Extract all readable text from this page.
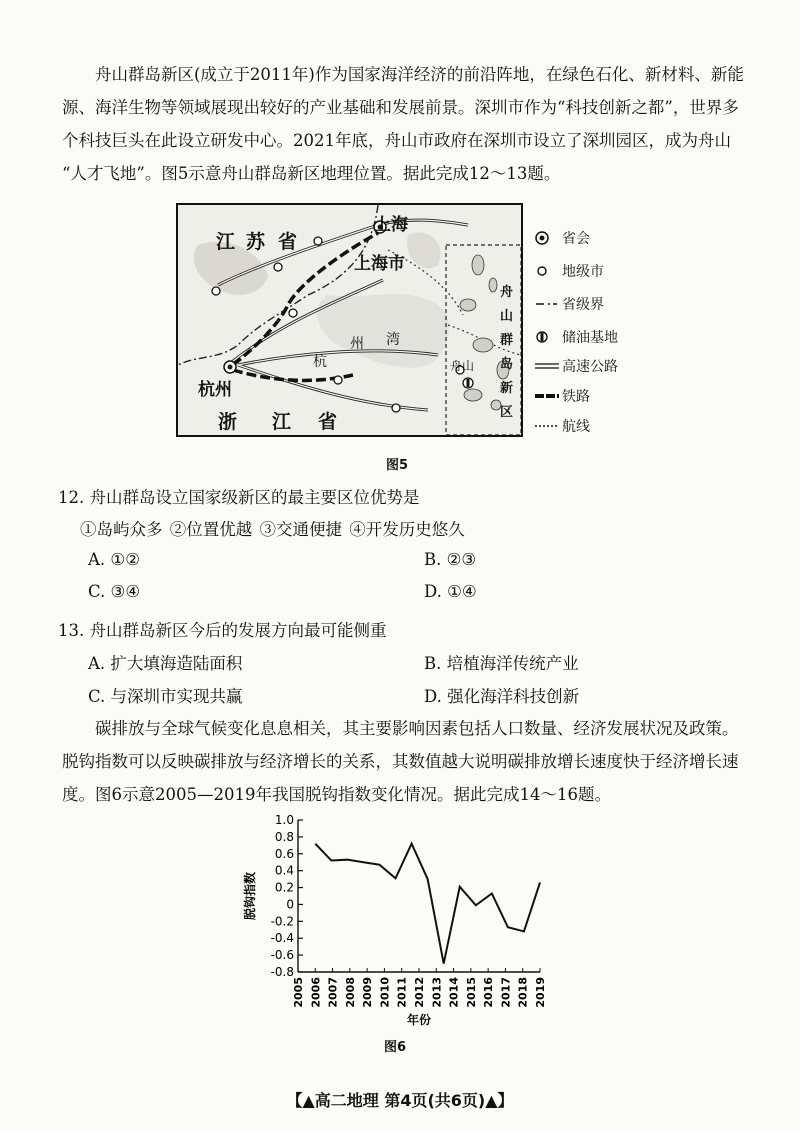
舟山群岛新区(成立于2011年)作为国家海洋经济的前沿阵地，在绿色石化、新材料、新能
源、海洋生物等领域展现出较好的产业基础和发展前景。深圳市作为“科技创新之都”，世界多
个科技巨头在此设立研发中心。2021年底，舟山市政府在深圳市设立了深圳园区，成为舟山
“人才飞地”。图5示意舟山群岛新区地理位置。据此完成12～13题。
江 苏 省
上海
上海市
杭州
浙 江 省
杭
州 湾
舟山
舟
山
群
岛
新
区
省会
地级市
省级界
储油基地
高速公路
铁路
航线
图5
12. 舟山群岛设立国家级新区的最主要区位优势是
①岛屿众多 ②位置优越 ③交通便捷 ④开发历史悠久
A. ①②	B. ②③
C. ③④	D. ①④
13. 舟山群岛新区今后的发展方向最可能侧重
A. 扩大填海造陆面积	B. 培植海洋传统产业
C. 与深圳市实现共赢	D. 强化海洋科技创新
碳排放与全球气候变化息息相关，其主要影响因素包括人口数量、经济发展状况及政策。
脱钩指数可以反映碳排放与经济增长的关系，其数值越大说明碳排放增长速度快于经济增长速
度。图6示意2005—2019年我国脱钩指数变化情况。据此完成14～16题。
1.0
0.8
0.6
0.4
0.2
0
-0.2
-0.4
-0.6
-0.8
2005 2006 2007 2008 2009 2010 2011 2012 2013 2014 2015 2016 2017 2018 2019
脱钩指数
年份
图6
【▲高二地理 第4页(共6页)▲】
